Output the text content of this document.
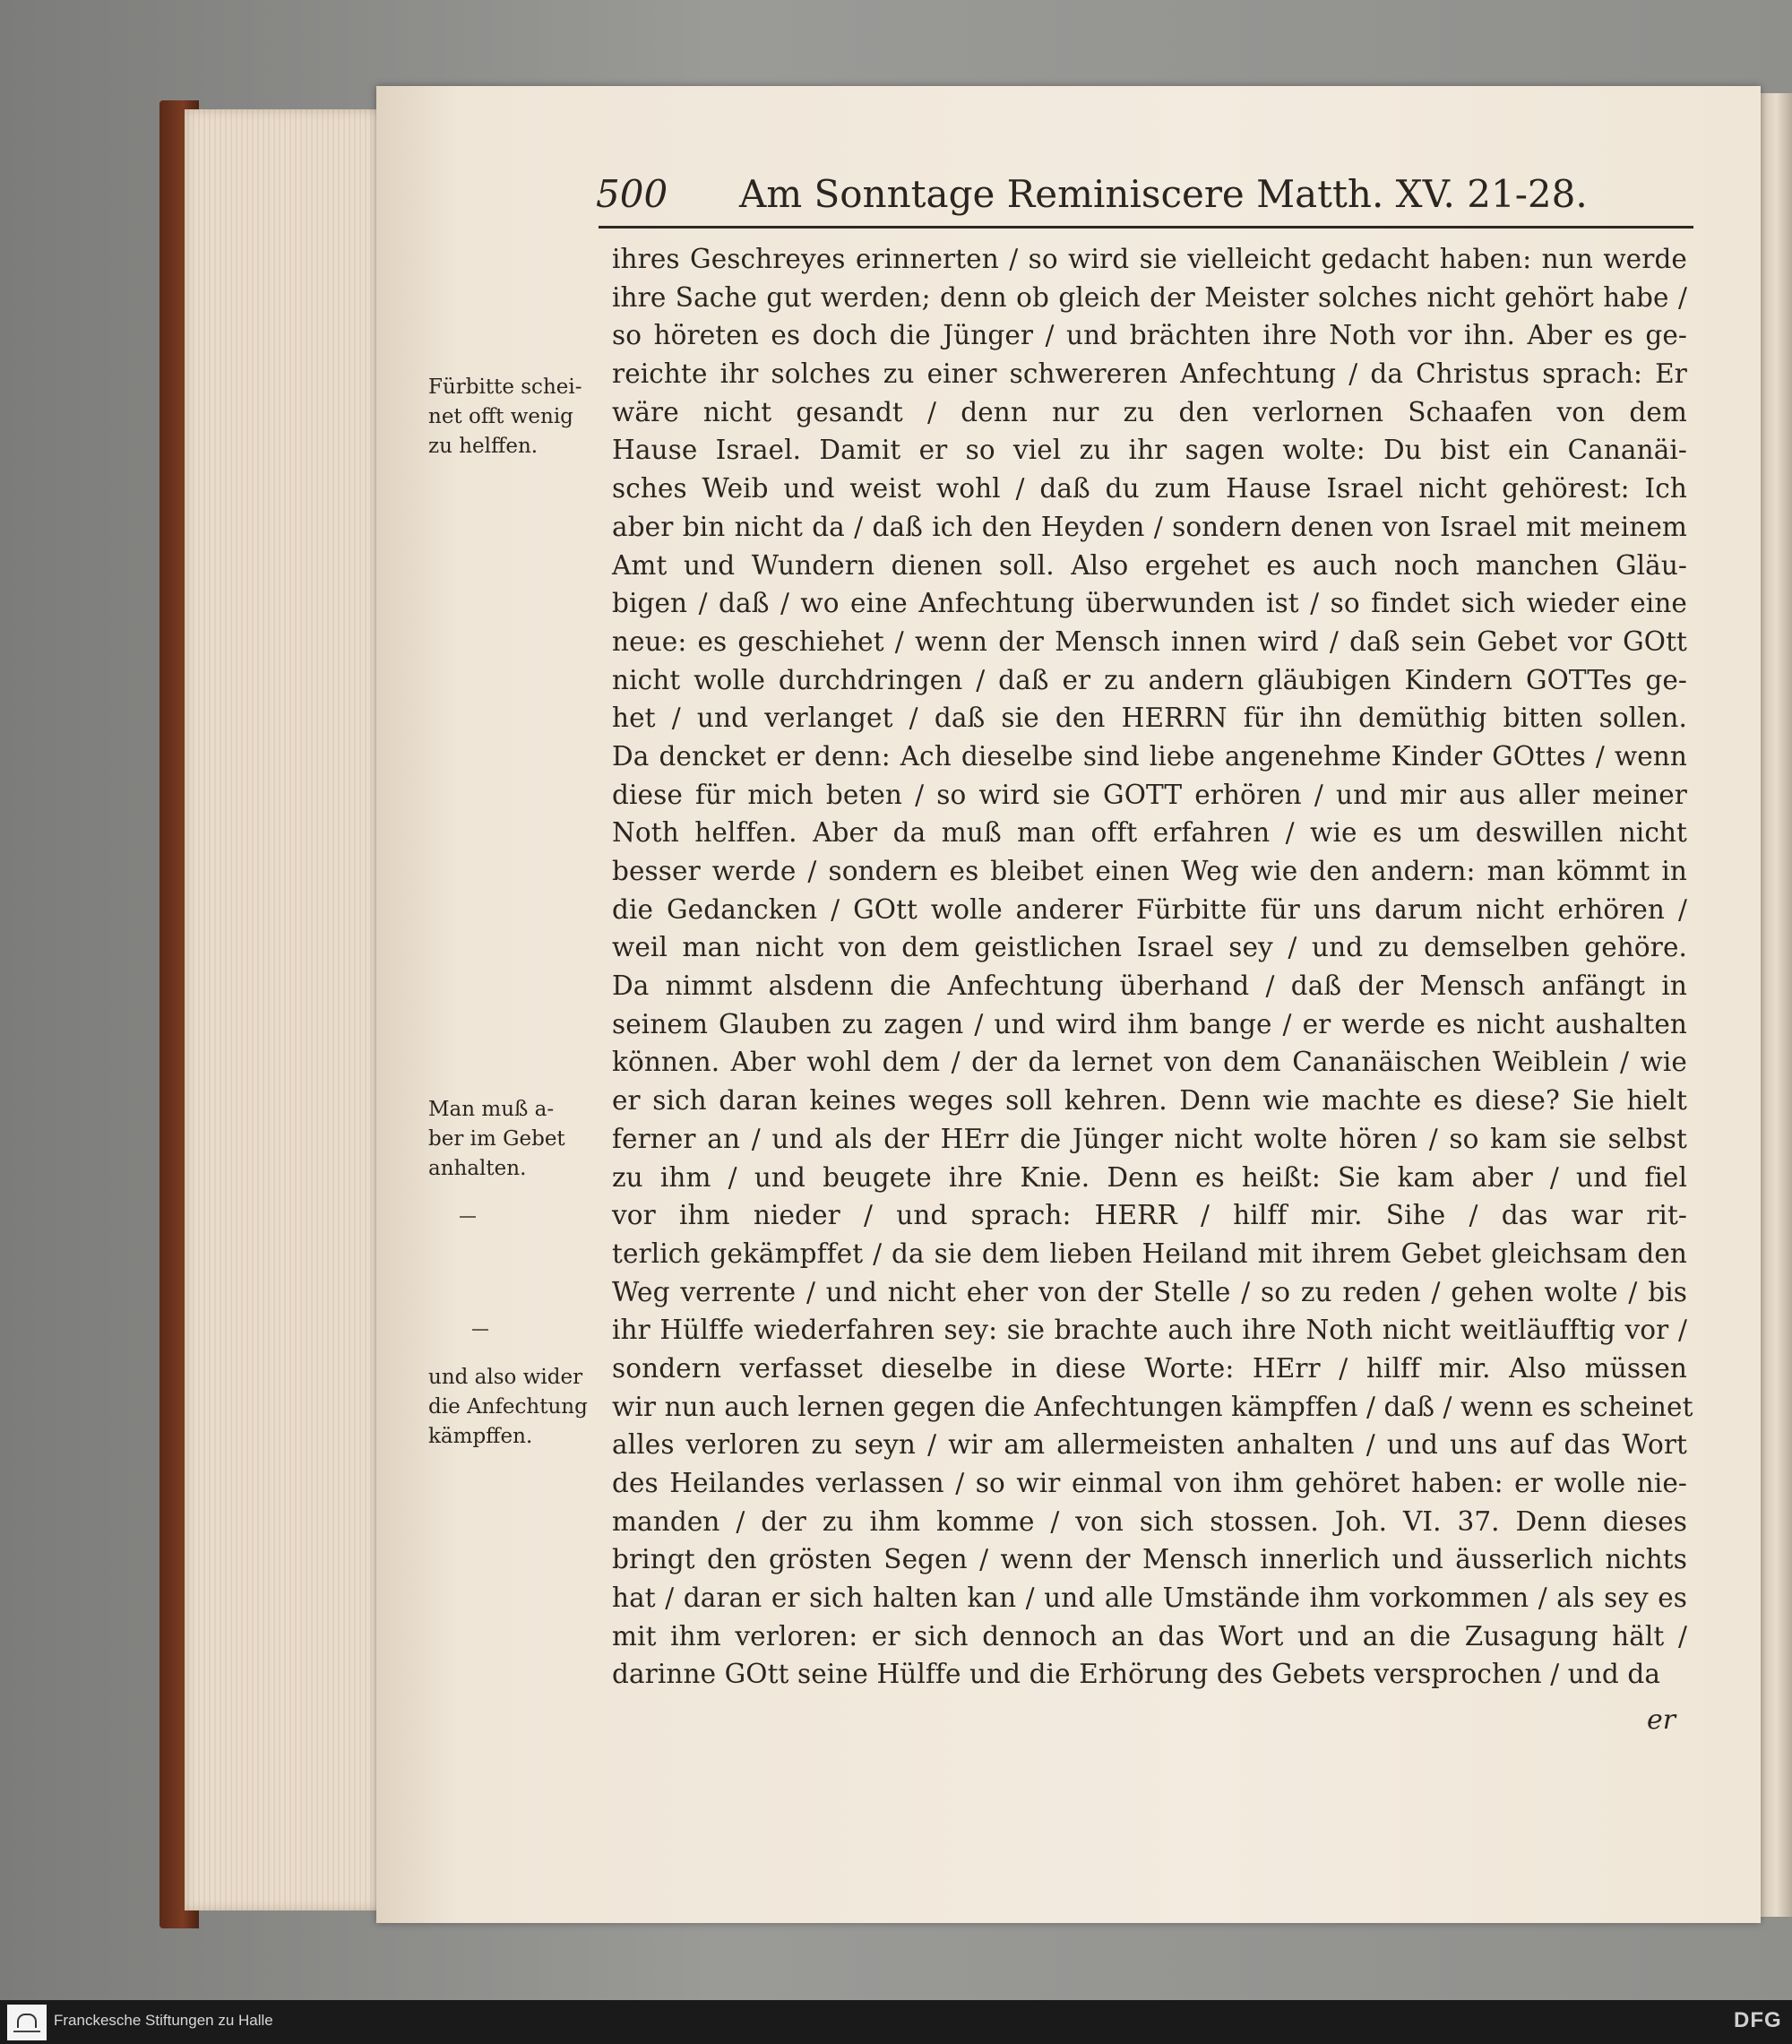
500 Am Sonntage Reminiscere Matth. XV. 21-28.
ihres Geschreyes erinnerten / so wird sie vielleicht gedacht haben: nun werde
ihre Sache gut werden; denn ob gleich der Meister solches nicht gehört habe /
so höreten es doch die Jünger / und brächten ihre Noth vor ihn. Aber es ge-
reichte ihr solches zu einer schwereren Anfechtung / da Christus sprach: Er
wäre nicht gesandt / denn nur zu den verlornen Schaafen von dem
Hause Israel. Damit er so viel zu ihr sagen wolte: Du bist ein Cananäi-
sches Weib und weist wohl / daß du zum Hause Israel nicht gehörest: Ich
aber bin nicht da / daß ich den Heyden / sondern denen von Israel mit meinem
Amt und Wundern dienen soll. Also ergehet es auch noch manchen Gläu-
bigen / daß / wo eine Anfechtung überwunden ist / so findet sich wieder eine
neue: es geschiehet / wenn der Mensch innen wird / daß sein Gebet vor GOtt
nicht wolle durchdringen / daß er zu andern gläubigen Kindern GOTTes ge-
het / und verlanget / daß sie den HERRN für ihn demüthig bitten sollen.
Da dencket er denn: Ach dieselbe sind liebe angenehme Kinder GOttes / wenn
diese für mich beten / so wird sie GOTT erhören / und mir aus aller meiner
Noth helffen. Aber da muß man offt erfahren / wie es um deswillen nicht
besser werde / sondern es bleibet einen Weg wie den andern: man kömmt in
die Gedancken / GOtt wolle anderer Fürbitte für uns darum nicht erhören /
weil man nicht von dem geistlichen Israel sey / und zu demselben gehöre.
Da nimmt alsdenn die Anfechtung überhand / daß der Mensch anfängt in
seinem Glauben zu zagen / und wird ihm bange / er werde es nicht aushalten
können. Aber wohl dem / der da lernet von dem Cananäischen Weiblein / wie
er sich daran keines weges soll kehren. Denn wie machte es diese? Sie hielt
ferner an / und als der HErr die Jünger nicht wolte hören / so kam sie selbst
zu ihm / und beugete ihre Knie. Denn es heißt: Sie kam aber / und fiel
vor ihm nieder / und sprach: HERR / hilff mir. Sihe / das war rit-
terlich gekämpffet / da sie dem lieben Heiland mit ihrem Gebet gleichsam den
Weg verrente / und nicht eher von der Stelle / so zu reden / gehen wolte / bis
ihr Hülffe wiederfahren sey: sie brachte auch ihre Noth nicht weitläufftig vor /
sondern verfasset dieselbe in diese Worte: HErr / hilff mir. Also müssen
wir nun auch lernen gegen die Anfechtungen kämpffen / daß / wenn es scheinet
alles verloren zu seyn / wir am allermeisten anhalten / und uns auf das Wort
des Heilandes verlassen / so wir einmal von ihm gehöret haben: er wolle nie-
manden / der zu ihm komme / von sich stossen. Joh. VI. 37. Denn dieses
bringt den grösten Segen / wenn der Mensch innerlich und äusserlich nichts
hat / daran er sich halten kan / und alle Umstände ihm vorkommen / als sey es
mit ihm verloren: er sich dennoch an das Wort und an die Zusagung hält /
darinne GOtt seine Hülffe und die Erhörung des Gebets versprochen / und da
er
Fürbitte schei-
net offt wenig
zu helffen.
Man muß a-
ber im Gebet
anhalten.
und also wider
die Anfechtung
kämpffen.
Franckesche Stiftungen zu Halle	DFG
